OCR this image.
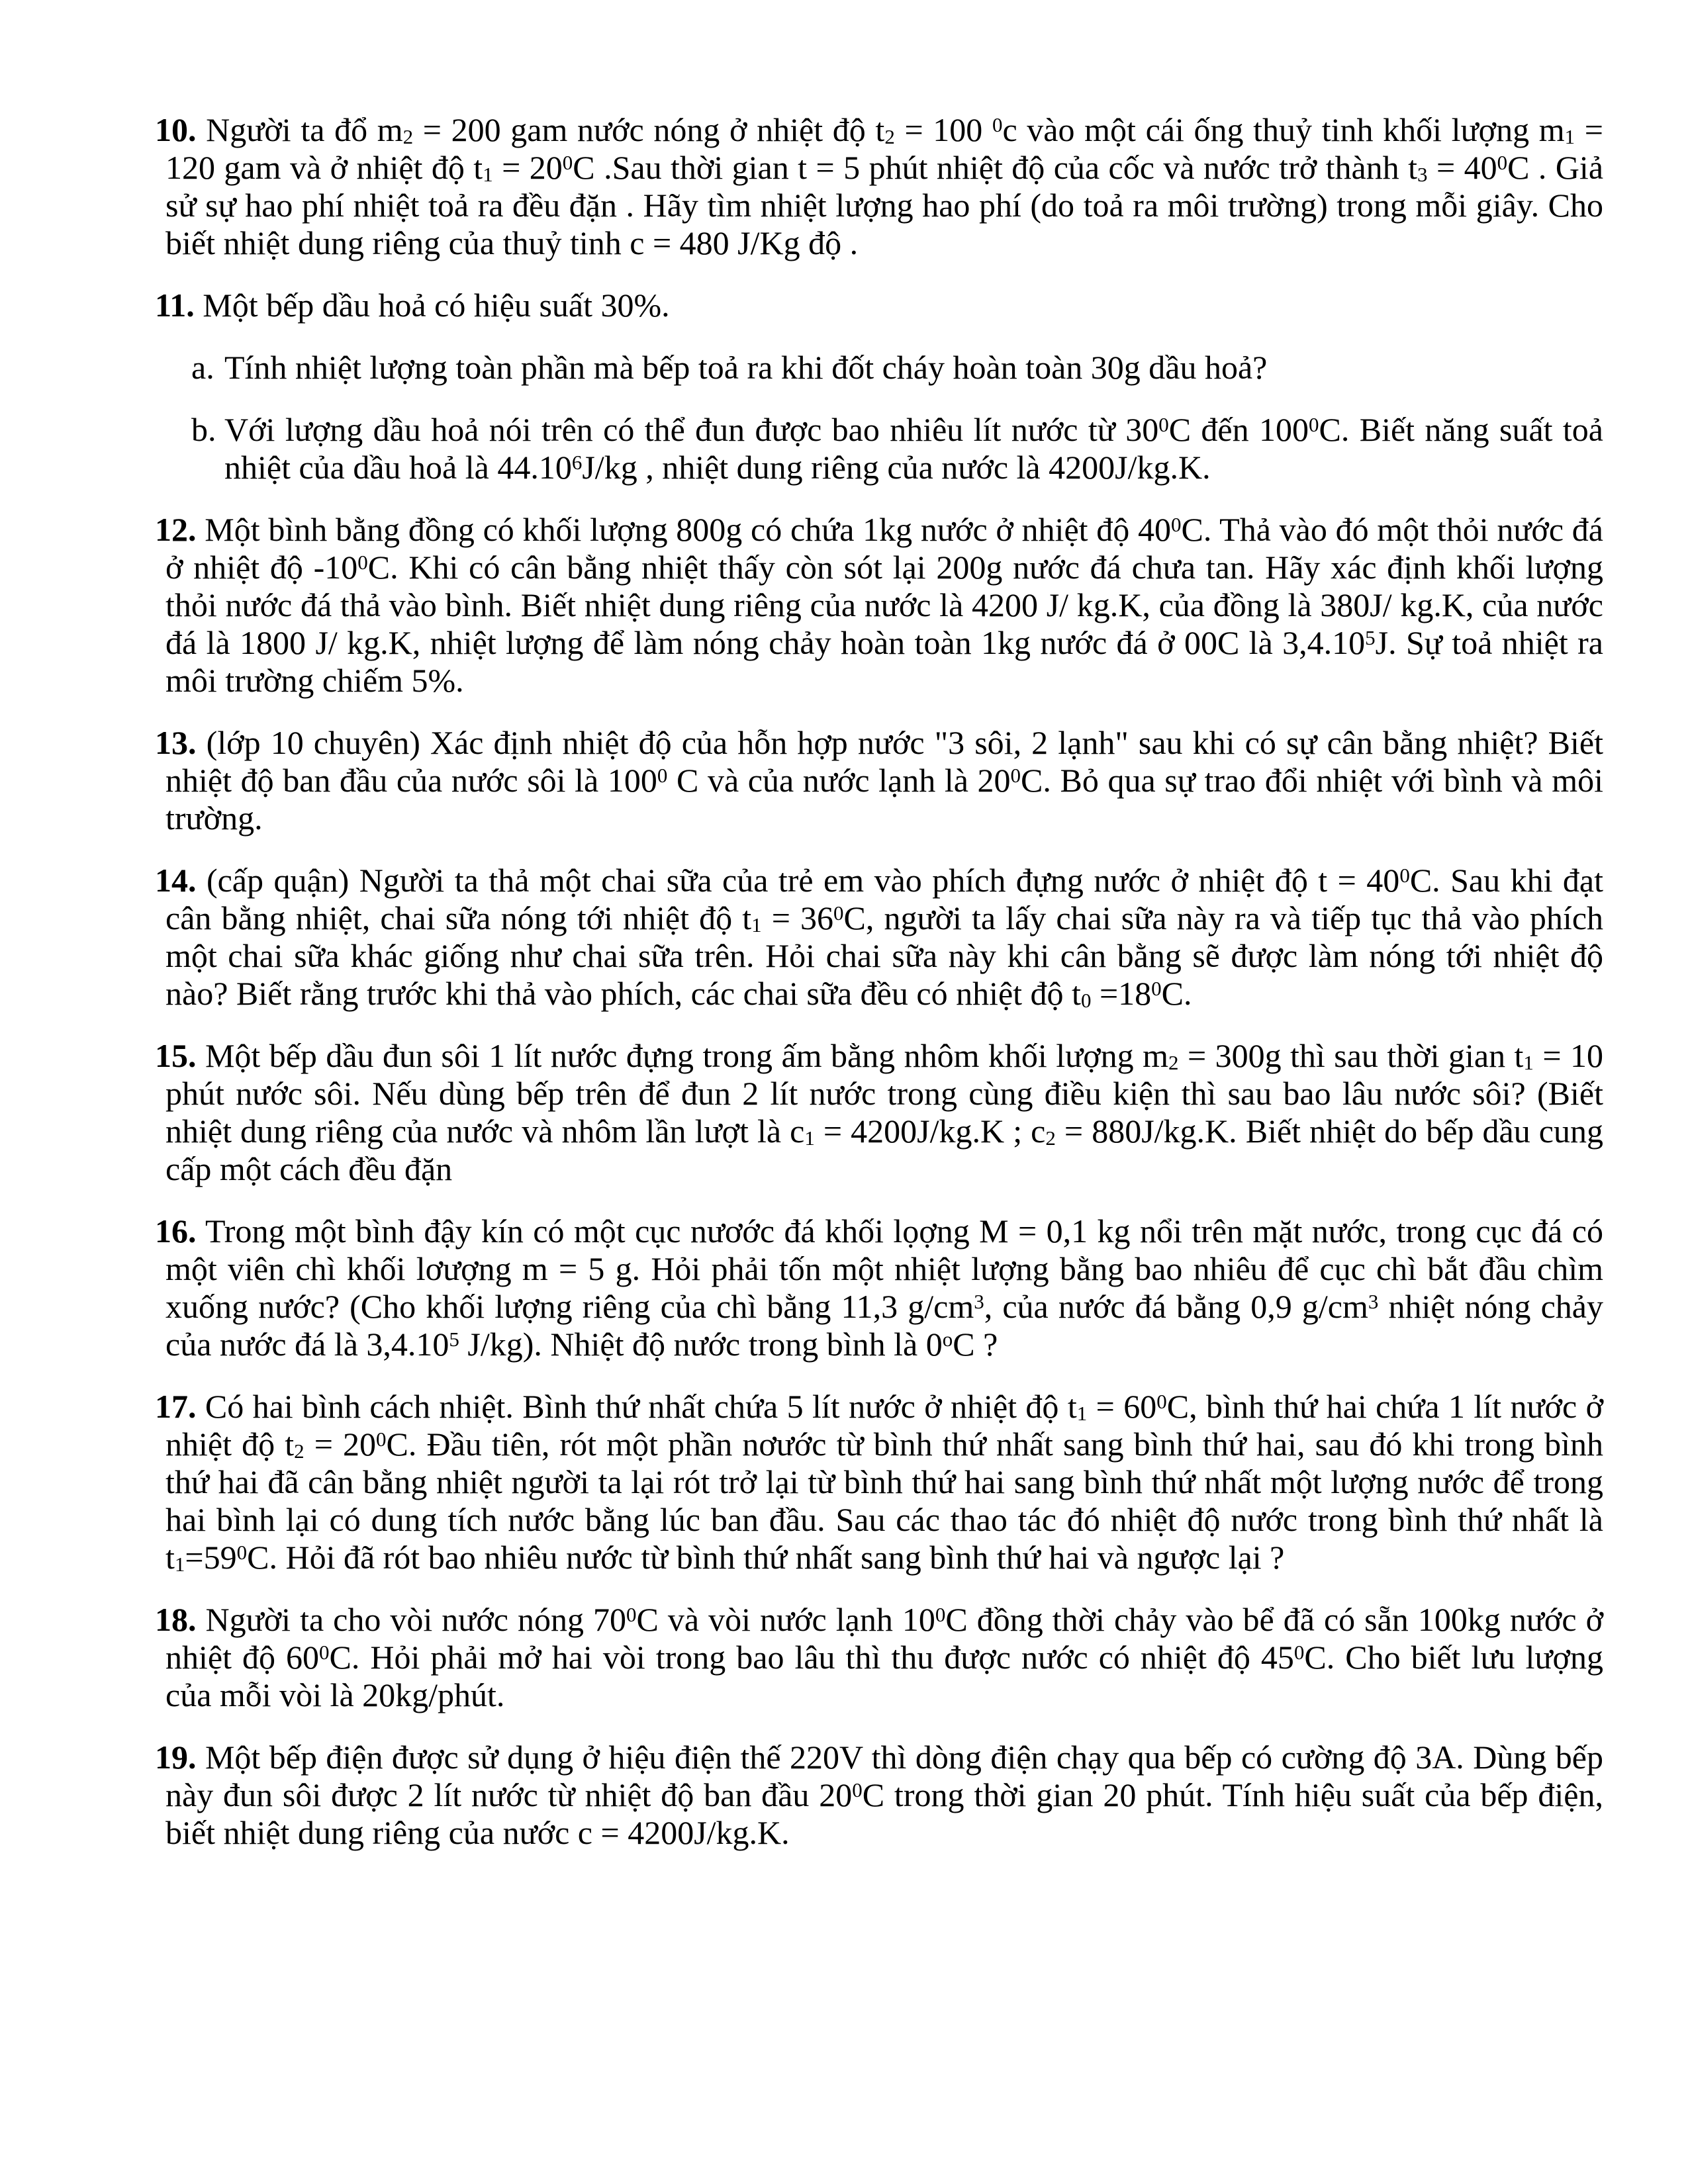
10. Người ta đổ $m_2 = 200$ gam nước nóng ở nhiệt độ $t_2 = 100$ $^0$c vào một cái ống thuỷ tinh khối lượng $m_1 = 120$ gam và ở nhiệt độ $t_1 = 20^0C$ .Sau thời gian t = 5 phút nhiệt độ của cốc và nước trở thành $t_3 = 40^0C$ . Giả sử sự hao phí nhiệt toả ra đều đặn . Hãy tìm nhiệt lượng hao phí (do toả ra môi trường) trong mỗi giây. Cho biết nhiệt dung riêng của thuỷ tinh c = 480 J/Kg độ .
11. Một bếp dầu hoả có hiệu suất 30%.
a. Tính nhiệt lượng toàn phần mà bếp toả ra khi đốt cháy hoàn toàn 30g dầu hoả?
b. Với lượng dầu hoả nói trên có thể đun được bao nhiêu lít nước từ $30^0C$ đến $100^0C$. Biết năng suất toả nhiệt của dầu hoả là 44.10$^6$J/kg , nhiệt dung riêng của nước là 4200J/kg.K.
12. Một bình bằng đồng có khối lượng 800g có chứa 1kg nước ở nhiệt độ $40^0C$. Thả vào đó một thỏi nước đá ở nhiệt độ $-10^0C$. Khi có cân bằng nhiệt thấy còn sót lại 200g nước đá chưa tan. Hãy xác định khối lượng thỏi nước đá thả vào bình. Biết nhiệt dung riêng của nước là 4200 J/ kg.K, của đồng là 380J/ kg.K, của nước đá là 1800 J/ kg.K, nhiệt lượng để làm nóng chảy hoàn toàn 1kg nước đá ở 00C là 3,4.10$^5$J. Sự toả nhiệt ra môi trường chiếm 5%.
13. (lớp 10 chuyên) Xác định nhiệt độ của hỗn hợp nước "3 sôi, 2 lạnh" sau khi có sự cân bằng nhiệt? Biết nhiệt độ ban đầu của nước sôi là $100^0$ C và của nước lạnh là $20^0C$. Bỏ qua sự trao đổi nhiệt với bình và môi trường.
14. (cấp quận) Người ta thả một chai sữa của trẻ em vào phích đựng nước ở nhiệt độ $t = 40^0C$. Sau khi đạt cân bằng nhiệt, chai sữa nóng tới nhiệt độ $t_1 = 36^0C$, người ta lấy chai sữa này ra và tiếp tục thả vào phích một chai sữa khác giống như chai sữa trên. Hỏi chai sữa này khi cân bằng sẽ được làm nóng tới nhiệt độ nào? Biết rằng trước khi thả vào phích, các chai sữa đều có nhiệt độ $t_0 =18^0C$.
15. Một bếp dầu đun sôi 1 lít nước đựng trong ấm bằng nhôm khối lượng $m_2 = 300g$ thì sau thời gian $t_1 = 10$ phút nước sôi. Nếu dùng bếp trên để đun 2 lít nước trong cùng điều kiện thì sau bao lâu nước sôi? (Biết nhiệt dung riêng của nước và nhôm lần lượt là $c_1 = 4200J/kg.K$ ; $c_2 = 880J/kg.K$. Biết nhiệt do bếp dầu cung cấp một cách đều đặn
16. Trong một bình đậy kín có một cục nươớc đá khối lọợng M = 0,1 kg nổi trên mặt nước, trong cục đá có một viên chì khối lơượng m = 5 g. Hỏi phải tốn một nhiệt lượng bằng bao nhiêu để cục chì bắt đầu chìm xuống nước? (Cho khối lượng riêng của chì bằng 11,3 $g/cm^3$, của nước đá bằng 0,9 $g/cm^3$ nhiệt nóng chảy của nước đá là 3,4.10$^5$ J/kg). Nhiệt độ nước trong bình là 0$^o$C ?
17. Có hai bình cách nhiệt. Bình thứ nhất chứa 5 lít nước ở nhiệt độ $t_1 = 60^0C$, bình thứ hai chứa 1 lít nước ở nhiệt độ $t_2 = 20^0C$. Đầu tiên, rót một phần nơước từ bình thứ nhất sang bình thứ hai, sau đó khi trong bình thứ hai đã cân bằng nhiệt người ta lại rót trở lại từ bình thứ hai sang bình thứ nhất một lượng nước để trong hai bình lại có dung tích nước bằng lúc ban đầu. Sau các thao tác đó nhiệt độ nước trong bình thứ nhất là $t_1=59^0C$. Hỏi đã rót bao nhiêu nước từ bình thứ nhất sang bình thứ hai và ngược lại ?
18. Người ta cho vòi nước nóng $70^0C$ và vòi nước lạnh $10^0C$ đồng thời chảy vào bể đã có sẵn 100kg nước ở nhiệt độ $60^0C$. Hỏi phải mở hai vòi trong bao lâu thì thu được nước có nhiệt độ $45^0C$. Cho biết lưu lượng của mỗi vòi là 20kg/phút.
19. Một bếp điện được sử dụng ở hiệu điện thế 220V thì dòng điện chạy qua bếp có cường độ 3A. Dùng bếp này đun sôi được 2 lít nước từ nhiệt độ ban đầu $20^0C$ trong thời gian 20 phút. Tính hiệu suất của bếp điện, biết nhiệt dung riêng của nước c = 4200J/kg.K.
